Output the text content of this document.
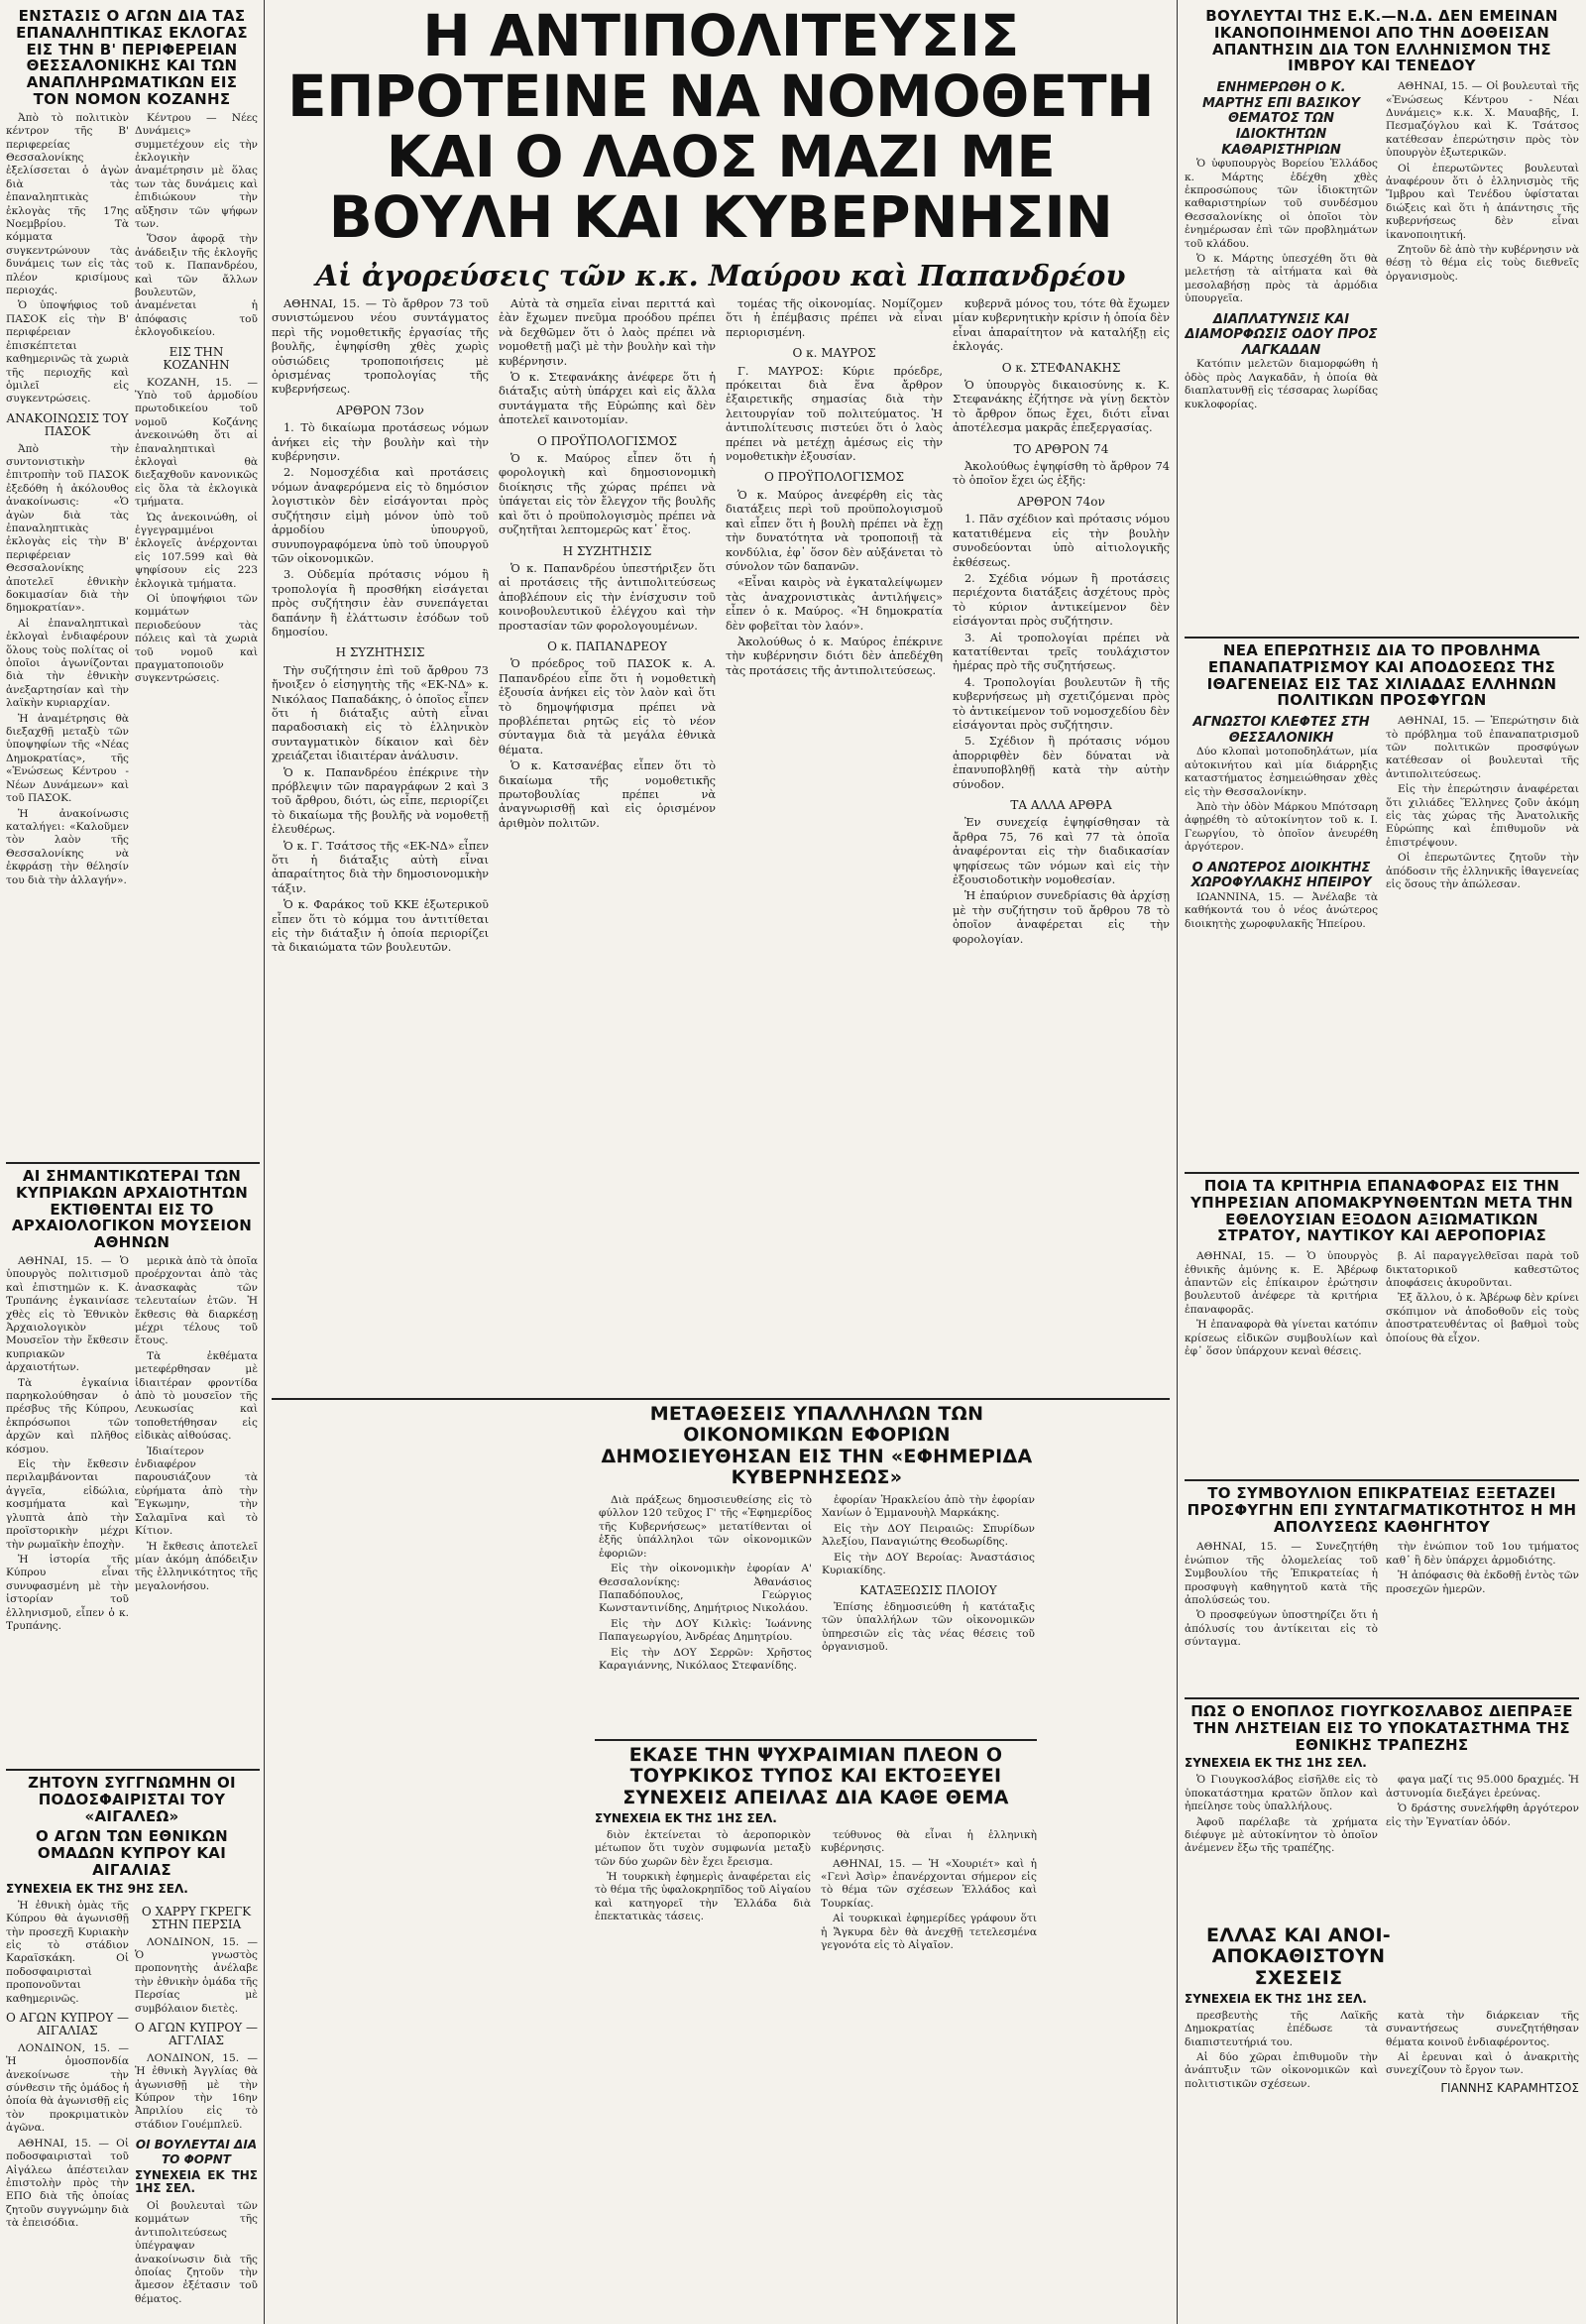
ΕΝΣΤΑΣΙΣ Ο ΑΓΩΝ ΔΙΑ ΤΑΣ ΕΠΑΝΑΛΗΠΤΙΚΑΣ ΕΚΛΟΓΑΣ ΕΙΣ ΤΗΝ Β' ΠΕΡΙΦΕΡΕΙΑΝ ΘΕΣΣΑΛΟΝΙΚΗΣ ΚΑΙ ΤΩΝ ΑΝΑΠΛΗΡΩΜΑΤΙΚΩΝ ΕΙΣ ΤΟΝ ΝΟΜΟΝ ΚΟΖΑΝΗΣ

Ἀπὸ τὸ πολιτικὸν κέντρον τῆς Β' περιφερείας Θεσσαλονίκης ἐξελίσσεται ὁ ἀγὼν διὰ τὰς ἐπαναληπτικὰς ἐκλογὰς τῆς 17ης Νοεμβρίου. Τὰ κόμματα συγκεντρώνουν τὰς δυνάμεις των εἰς τὰς πλέον κρισίμους περιοχάς.

Ὁ ὑποψήφιος τοῦ ΠΑΣΟΚ εἰς τὴν Β' περιφέρειαν ἐπισκέπτεται καθημερινῶς τὰ χωριὰ τῆς περιοχῆς καὶ ὁμιλεῖ εἰς συγκεντρώσεις.

ΑΝΑΚΟΙΝΩΣΙΣ ΤΟΥ ΠΑΣΟΚ

Ἀπὸ τὴν συντονιστικὴν ἐπιτροπὴν τοῦ ΠΑΣΟΚ ἐξεδόθη ἡ ἀκόλουθος ἀνακοίνωσις: «Ὁ ἀγὼν διὰ τὰς ἐπαναληπτικὰς ἐκλογὰς εἰς τὴν Β' περιφέρειαν Θεσσαλονίκης ἀποτελεῖ ἐθνικὴν δοκιμασίαν διὰ τὴν δημοκρατίαν».

Αἱ ἐπαναληπτικαὶ ἐκλογαὶ ἐνδιαφέρουν ὅλους τοὺς πολίτας οἱ ὁποῖοι ἀγωνίζονται διὰ τὴν ἐθνικὴν ἀνεξαρτησίαν καὶ τὴν λαϊκὴν κυριαρχίαν.

Ἡ ἀναμέτρησις θὰ διεξαχθῇ μεταξὺ τῶν ὑποψηφίων τῆς «Νέας Δημοκρατίας», τῆς «Ἑνώσεως Κέντρου - Νέων Δυνάμεων» καὶ τοῦ ΠΑΣΟΚ.

Ἡ ἀνακοίνωσις καταλήγει: «Καλοῦμεν τὸν λαὸν τῆς Θεσσαλονίκης νὰ ἐκφράσῃ τὴν θέλησίν του διὰ τὴν ἀλλαγήν».

Κέντρου — Νέες Δυνάμεις» συμμετέχουν εἰς τὴν ἐκλογικὴν ἀναμέτρησιν μὲ ὅλας των τὰς δυνάμεις καὶ ἐπιδιώκουν τὴν αὔξησιν τῶν ψήφων των.

Ὅσον ἀφορᾷ τὴν ἀνάδειξιν τῆς ἐκλογῆς τοῦ κ. Παπανδρέου, καὶ τῶν ἄλλων βουλευτῶν, ἀναμένεται ἡ ἀπόφασις τοῦ ἐκλογοδικείου.

ΕΙΣ ΤΗΝ ΚΟΖΑΝΗΝ

ΚΟΖΑΝΗ, 15. — Ὑπὸ τοῦ ἀρμοδίου πρωτοδικείου τοῦ νομοῦ Κοζάνης ἀνεκοινώθη ὅτι αἱ ἐπαναληπτικαὶ ἐκλογαὶ θὰ διεξαχθοῦν κανονικῶς εἰς ὅλα τὰ ἐκλογικὰ τμήματα.

Ὡς ἀνεκοινώθη, οἱ ἐγγεγραμμένοι ἐκλογεῖς ἀνέρχονται εἰς 107.599 καὶ θὰ ψηφίσουν εἰς 223 ἐκλογικὰ τμήματα.

Οἱ ὑποψήφιοι τῶν κομμάτων περιοδεύουν τὰς πόλεις καὶ τὰ χωριὰ τοῦ νομοῦ καὶ πραγματοποιοῦν συγκεντρώσεις.

ΑΙ ΣΗΜΑΝΤΙΚΩΤΕΡΑΙ ΤΩΝ ΚΥΠΡΙΑΚΩΝ ΑΡΧΑΙΟΤΗΤΩΝ ΕΚΤΙΘΕΝΤΑΙ ΕΙΣ ΤΟ ΑΡΧΑΙΟΛΟΓΙΚΟΝ ΜΟΥΣΕΙΟΝ ΑΘΗΝΩΝ

ΑΘΗΝΑΙ, 15. — Ὁ ὑπουργὸς πολιτισμοῦ καὶ ἐπιστημῶν κ. Κ. Τρυπάνης ἐγκαινίασε χθὲς εἰς τὸ Ἐθνικὸν Ἀρχαιολογικὸν Μουσεῖον τὴν ἔκθεσιν κυπριακῶν ἀρχαιοτήτων.

Τὰ ἐγκαίνια παρηκολούθησαν ὁ πρέσβυς τῆς Κύπρου, ἐκπρόσωποι τῶν ἀρχῶν καὶ πλῆθος κόσμου.

Εἰς τὴν ἔκθεσιν περιλαμβάνονται ἀγγεῖα, εἰδώλια, κοσμήματα καὶ γλυπτὰ ἀπὸ τὴν προϊστορικὴν μέχρι τὴν ρωμαϊκὴν ἐποχὴν.

Ἡ ἱστορία τῆς Κύπρου εἶναι συνυφασμένη μὲ τὴν ἱστορίαν τοῦ ἑλληνισμοῦ, εἶπεν ὁ κ. Τρυπάνης.

μερικὰ ἀπὸ τὰ ὁποῖα προέρχονται ἀπὸ τὰς ἀνασκαφὰς τῶν τελευταίων ἐτῶν. Ἡ ἔκθεσις θὰ διαρκέσῃ μέχρι τέλους τοῦ ἔτους.

Τὰ ἐκθέματα μετεφέρθησαν μὲ ἰδιαιτέραν φροντίδα ἀπὸ τὸ μουσεῖον τῆς Λευκωσίας καὶ τοποθετήθησαν εἰς εἰδικὰς αἰθούσας.

Ἰδιαίτερον ἐνδιαφέρον παρουσιάζουν τὰ εὑρήματα ἀπὸ τὴν Ἔγκωμην, τὴν Σαλαμῖνα καὶ τὸ Κίτιον.

Ἡ ἔκθεσις ἀποτελεῖ μίαν ἀκόμη ἀπόδειξιν τῆς ἑλληνικότητος τῆς μεγαλονήσου.

ΖΗΤΟΥΝ ΣΥΓΓΝΩΜΗΝ ΟΙ ΠΟΔΟΣΦΑΙΡΙΣΤΑΙ ΤΟΥ «ΑΙΓΑΛΕΩ»
Ο ΑΓΩΝ ΤΩΝ ΕΘΝΙΚΩΝ ΟΜΑΔΩΝ ΚΥΠΡΟΥ ΚΑΙ ΑΙΓΑΛΙΑΣ
ΣΥΝΕΧΕΙΑ ΕΚ ΤΗΣ 9ΗΣ ΣΕΛ.

Ἡ ἐθνικὴ ὁμὰς τῆς Κύπρου θὰ ἀγωνισθῇ τὴν προσεχῆ Κυριακὴν εἰς τὸ στάδιον Καραϊσκάκη. Οἱ ποδοσφαιρισταὶ προπονοῦνται καθημερινῶς.

Ο ΑΓΩΝ ΚΥΠΡΟΥ — ΑΙΓΑΛΙΑΣ

ΛΟΝΔΙΝΟΝ, 15. — Ἡ ὁμοσπονδία ἀνεκοίνωσε τὴν σύνθεσιν τῆς ὁμάδος ἡ ὁποία θὰ ἀγωνισθῇ εἰς τὸν προκριματικὸν ἀγῶνα.

ΑΘΗΝΑΙ, 15. — Οἱ ποδοσφαιρισταὶ τοῦ Αἰγάλεω ἀπέστειλαν ἐπιστολὴν πρὸς τὴν ΕΠΟ διὰ τῆς ὁποίας ζητοῦν συγγνώμην διὰ τὰ ἐπεισόδια.

Ο ΧΑΡΡΥ ΓΚΡΕΓΚ ΣΤΗΝ ΠΕΡΣΙΑ

ΛΟΝΔΙΝΟΝ, 15. — Ὁ γνωστὸς προπονητὴς ἀνέλαβε τὴν ἐθνικὴν ὁμάδα τῆς Περσίας μὲ συμβόλαιον διετὲς.

Ο ΑΓΩΝ ΚΥΠΡΟΥ — ΑΓΓΛΙΑΣ

ΛΟΝΔΙΝΟΝ, 15. — Ἡ ἐθνικὴ Ἀγγλίας θὰ ἀγωνισθῇ μὲ τὴν Κύπρον τὴν 16ην Ἀπριλίου εἰς τὸ στάδιον Γουέμπλεϋ.

ΟΙ ΒΟΥΛΕΥΤΑΙ ΔΙΑ ΤΟ ΦΟΡΝΤ
ΣΥΝΕΧΕΙΑ ΕΚ ΤΗΣ 1ΗΣ ΣΕΛ.

Οἱ βουλευταὶ τῶν κομμάτων τῆς ἀντιπολιτεύσεως ὑπέγραψαν ἀνακοίνωσιν διὰ τῆς ὁποίας ζητοῦν τὴν ἄμεσον ἐξέτασιν τοῦ θέματος.

Η ΑΝΤΙΠΟΛΙΤΕΥΣΙΣ ΕΠΡΟΤΕΙΝΕ ΝΑ ΝΟΜΟΘΕΤΗ ΚΑΙ Ο ΛΑΟΣ ΜΑΖΙ ΜΕ ΒΟΥΛΗ ΚΑΙ ΚΥΒΕΡΝΗΣΙΝ
Αἱ ἀγορεύσεις τῶν κ.κ. Μαύρου καὶ Παπανδρέου

ΑΘΗΝΑΙ, 15. — Τὸ ἄρθρον 73 τοῦ συνιστώμενου νέου συντάγματος περὶ τῆς νομοθετικῆς ἐργασίας τῆς βουλῆς, ἐψηφίσθη χθὲς χωρὶς οὐσιώδεις τροποποιήσεις μὲ ὁρισμένας τροπολογίας τῆς κυβερνήσεως.

ΑΡΘΡΟΝ 73ον

1. Τὸ δικαίωμα προτάσεως νόμων ἀνήκει εἰς τὴν βουλὴν καὶ τὴν κυβέρνησιν.

2. Νομοσχέδια καὶ προτάσεις νόμων ἀναφερόμενα εἰς τὸ δημόσιον λογιστικὸν δὲν εἰσάγονται πρὸς συζήτησιν εἰμὴ μόνον ὑπὸ τοῦ ἁρμοδίου ὑπουργοῦ, συνυπογραφόμενα ὑπὸ τοῦ ὑπουργοῦ τῶν οἰκονομικῶν.

3. Οὐδεμία πρότασις νόμου ἢ τροπολογία ἢ προσθήκη εἰσάγεται πρὸς συζήτησιν ἐὰν συνεπάγεται δαπάνην ἢ ἐλάττωσιν ἐσόδων τοῦ δημοσίου.

Η ΣΥΖΗΤΗΣΙΣ

Τὴν συζήτησιν ἐπὶ τοῦ ἄρθρου 73 ἤνοιξεν ὁ εἰσηγητὴς τῆς «ΕΚ-ΝΔ» κ. Νικόλαος Παπαδάκης, ὁ ὁποῖος εἶπεν ὅτι ἡ διάταξις αὐτὴ εἶναι παραδοσιακὴ εἰς τὸ ἑλληνικὸν συνταγματικὸν δίκαιον καὶ δὲν χρειάζεται ἰδιαιτέραν ἀνάλυσιν.

Ὁ κ. Παπανδρέου ἐπέκρινε τὴν πρόβλεψιν τῶν παραγράφων 2 καὶ 3 τοῦ ἄρθρου, διότι, ὡς εἶπε, περιορίζει τὸ δικαίωμα τῆς βουλῆς νὰ νομοθετῇ ἐλευθέρως.

Ὁ κ. Γ. Τσάτσος τῆς «ΕΚ-ΝΔ» εἶπεν ὅτι ἡ διάταξις αὐτὴ εἶναι ἀπαραίτητος διὰ τὴν δημοσιονομικὴν τάξιν.

Ὁ κ. Φαράκος τοῦ ΚΚΕ ἐξωτερικοῦ εἶπεν ὅτι τὸ κόμμα του ἀντιτίθεται εἰς τὴν διάταξιν ἡ ὁποία περιορίζει τὰ δικαιώματα τῶν βουλευτῶν.

Αὐτὰ τὰ σημεῖα εἶναι περιττά καὶ ἐὰν ἔχωμεν πνεῦμα προόδου πρέπει νὰ δεχθῶμεν ὅτι ὁ λαὸς πρέπει νὰ νομοθετῇ μαζὶ μὲ τὴν βουλὴν καὶ τὴν κυβέρνησιν.

Ὁ κ. Στεφανάκης ἀνέφερε ὅτι ἡ διάταξις αὐτὴ ὑπάρχει καὶ εἰς ἄλλα συντάγματα τῆς Εὐρώπης καὶ δὲν ἀποτελεῖ καινοτομίαν.

Ο ΠΡΟΫΠΟΛΟΓΙΣΜΟΣ

Ὁ κ. Μαύρος εἶπεν ὅτι ἡ φορολογικὴ καὶ δημοσιονομικὴ διοίκησις τῆς χώρας πρέπει νὰ ὑπάγεται εἰς τὸν ἔλεγχον τῆς βουλῆς καὶ ὅτι ὁ προϋπολογισμὸς πρέπει νὰ συζητῆται λεπτομερῶς κατ᾽ ἔτος.

Η ΣΥΖΗΤΗΣΙΣ

Ὁ κ. Παπανδρέου ὑπεστήριξεν ὅτι αἱ προτάσεις τῆς ἀντιπολιτεύσεως ἀποβλέπουν εἰς τὴν ἐνίσχυσιν τοῦ κοινοβουλευτικοῦ ἐλέγχου καὶ τὴν προστασίαν τῶν φορολογουμένων.

Ο κ. ΠΑΠΑΝΔΡΕΟΥ

Ὁ πρόεδρος τοῦ ΠΑΣΟΚ κ. Α. Παπανδρέου εἶπε ὅτι ἡ νομοθετικὴ ἐξουσία ἀνήκει εἰς τὸν λαὸν καὶ ὅτι τὸ δημοψήφισμα πρέπει νὰ προβλέπεται ρητῶς εἰς τὸ νέον σύνταγμα διὰ τὰ μεγάλα ἐθνικὰ θέματα.

Ὁ κ. Κατσανέβας εἶπεν ὅτι τὸ δικαίωμα τῆς νομοθετικῆς πρωτοβουλίας πρέπει νὰ ἀναγνωρισθῇ καὶ εἰς ὁρισμένον ἀριθμὸν πολιτῶν.

τομέας τῆς οἰκονομίας. Νομίζομεν ὅτι ἡ ἐπέμβασις πρέπει νὰ εἶναι περιορισμένη.

Ο κ. ΜΑΥΡΟΣ

Γ. ΜΑΥΡΟΣ: Κύριε πρόεδρε, πρόκειται διὰ ἕνα ἄρθρον ἐξαιρετικῆς σημασίας διὰ τὴν λειτουργίαν τοῦ πολιτεύματος. Ἡ ἀντιπολίτευσις πιστεύει ὅτι ὁ λαὸς πρέπει νὰ μετέχῃ ἀμέσως εἰς τὴν νομοθετικὴν ἐξουσίαν.

Ο ΠΡΟΫΠΟΛΟΓΙΣΜΟΣ

Ὁ κ. Μαύρος ἀνεφέρθη εἰς τὰς διατάξεις περὶ τοῦ προϋπολογισμοῦ καὶ εἶπεν ὅτι ἡ βουλὴ πρέπει νὰ ἔχῃ τὴν δυνατότητα νὰ τροποποιῇ τὰ κονδύλια, ἐφ᾽ ὅσον δὲν αὐξάνεται τὸ σύνολον τῶν δαπανῶν.

«Εἶναι καιρὸς νὰ ἐγκαταλείψωμεν τὰς ἀναχρονιστικὰς ἀντιλήψεις» εἶπεν ὁ κ. Μαύρος. «Ἡ δημοκρατία δὲν φοβεῖται τὸν λαόν».

Ἀκολούθως ὁ κ. Μαύρος ἐπέκρινε τὴν κυβέρνησιν διότι δὲν ἀπεδέχθη τὰς προτάσεις τῆς ἀντιπολιτεύσεως.

κυβερνᾶ μόνος του, τότε θὰ ἔχωμεν μίαν κυβερνητικὴν κρίσιν ἡ ὁποία δὲν εἶναι ἀπαραίτητον νὰ καταλήξῃ εἰς ἐκλογάς.

Ο κ. ΣΤΕΦΑΝΑΚΗΣ

Ὁ ὑπουργὸς δικαιοσύνης κ. Κ. Στεφανάκης ἐζήτησε νὰ γίνῃ δεκτὸν τὸ ἄρθρον ὅπως ἔχει, διότι εἶναι ἀποτέλεσμα μακρᾶς ἐπεξεργασίας.

ΤΟ ΑΡΘΡΟΝ 74

Ἀκολούθως ἐψηφίσθη τὸ ἄρθρον 74 τὸ ὁποῖον ἔχει ὡς ἑξῆς:

ΑΡΘΡΟΝ 74ον

1. Πᾶν σχέδιον καὶ πρότασις νόμου κατατιθέμενα εἰς τὴν βουλὴν συνοδεύονται ὑπὸ αἰτιολογικῆς ἐκθέσεως.

2. Σχέδια νόμων ἢ προτάσεις περιέχοντα διατάξεις ἀσχέτους πρὸς τὸ κύριον ἀντικείμενον δὲν εἰσάγονται πρὸς συζήτησιν.

3. Αἱ τροπολογίαι πρέπει νὰ κατατίθενται τρεῖς τουλάχιστον ἡμέρας πρὸ τῆς συζητήσεως.

4. Τροπολογίαι βουλευτῶν ἢ τῆς κυβερνήσεως μὴ σχετιζόμεναι πρὸς τὸ ἀντικείμενον τοῦ νομοσχεδίου δὲν εἰσάγονται πρὸς συζήτησιν.

5. Σχέδιον ἢ πρότασις νόμου ἀπορριφθὲν δὲν δύναται νὰ ἐπανυποβληθῇ κατὰ τὴν αὐτὴν σύνοδον.

ΤΑ ΑΛΛΑ ΑΡΘΡΑ

Ἐν συνεχείᾳ ἐψηφίσθησαν τὰ ἄρθρα 75, 76 καὶ 77 τὰ ὁποῖα ἀναφέρονται εἰς τὴν διαδικασίαν ψηφίσεως τῶν νόμων καὶ εἰς τὴν ἐξουσιοδοτικὴν νομοθεσίαν.

Ἡ ἐπαύριον συνεδρίασις θὰ ἀρχίσῃ μὲ τὴν συζήτησιν τοῦ ἄρθρου 78 τὸ ὁποῖον ἀναφέρεται εἰς τὴν φορολογίαν.

ΜΕΤΑΘΕΣΕΙΣ ΥΠΑΛΛΗΛΩΝ ΤΩΝ ΟΙΚΟΝΟΜΙΚΩΝ ΕΦΟΡΙΩΝ ΔΗΜΟΣΙΕΥΘΗΣΑΝ ΕΙΣ ΤΗΝ «ΕΦΗΜΕΡΙΔΑ ΚΥΒΕΡΝΗΣΕΩΣ»

Διὰ πράξεως δημοσιευθείσης εἰς τὸ φύλλον 120 τεῦχος Γ' τῆς «Ἐφημερίδος τῆς Κυβερνήσεως» μετατίθενται οἱ ἑξῆς ὑπάλληλοι τῶν οἰκονομικῶν ἐφοριῶν:

Εἰς τὴν οἰκονομικὴν ἐφορίαν Α' Θεσσαλονίκης: Ἀθανάσιος Παπαδόπουλος, Γεώργιος Κωνσταντινίδης, Δημήτριος Νικολάου.

Εἰς τὴν ΔΟΥ Κιλκὶς: Ἰωάννης Παπαγεωργίου, Ἀνδρέας Δημητρίου.

Εἰς τὴν ΔΟΥ Σερρῶν: Χρῆστος Καραγιάννης, Νικόλαος Στεφανίδης.

ἐφορίαν Ἡρακλείου ἀπὸ τὴν ἐφορίαν Χανίων ὁ Ἐμμανουὴλ Μαρκάκης.

Εἰς τὴν ΔΟΥ Πειραιῶς: Σπυρίδων Ἀλεξίου, Παναγιώτης Θεοδωρίδης.

Εἰς τὴν ΔΟΥ Βεροίας: Ἀναστάσιος Κυριακίδης.

ΚΑΤΑΞΕΩΣΙΣ ΠΛΟΙΟΥ

Ἐπίσης ἐδημοσιεύθη ἡ κατάταξις τῶν ὑπαλλήλων τῶν οἰκονομικῶν ὑπηρεσιῶν εἰς τὰς νέας θέσεις τοῦ ὀργανισμοῦ.

ΕΚΑΣΕ ΤΗΝ ΨΥΧΡΑΙΜΙΑΝ ΠΛΕΟΝ Ο ΤΟΥΡΚΙΚΟΣ ΤΥΠΟΣ ΚΑΙ ΕΚΤΟΞΕΥΕΙ ΣΥΝΕΧΕΙΣ ΑΠΕΙΛΑΣ ΔΙΑ ΚΑΘΕ ΘΕΜΑ
ΣΥΝΕΧΕΙΑ ΕΚ ΤΗΣ 1ΗΣ ΣΕΛ.

διὸν ἐκτείνεται τὸ ἀεροπορικὸν μέτωπον ὅτι τυχὸν συμφωνία μεταξὺ τῶν δύο χωρῶν δὲν ἔχει ἔρεισμα.

Ἡ τουρκικὴ ἐφημερὶς ἀναφέρεται εἰς τὸ θέμα τῆς ὑφαλοκρηπῖδος τοῦ Αἰγαίου καὶ κατηγορεῖ τὴν Ἑλλάδα διὰ ἐπεκτατικὰς τάσεις.

τεύθυνος θὰ εἶναι ἡ ἑλληνικὴ κυβέρνησις.

ΑΘΗΝΑΙ, 15. — Ἡ «Χουριέτ» καὶ ἡ «Γενὶ Ἀσὶρ» ἐπανέρχονται σήμερον εἰς τὸ θέμα τῶν σχέσεων Ἑλλάδος καὶ Τουρκίας.

Αἱ τουρκικαὶ ἐφημερίδες γράφουν ὅτι ἡ Ἄγκυρα δὲν θὰ ἀνεχθῇ τετελεσμένα γεγονότα εἰς τὸ Αἰγαῖον.

ΒΟΥΛΕΥΤΑΙ ΤΗΣ Ε.Κ.—Ν.Δ. ΔΕΝ ΕΜΕΙΝΑΝ ΙΚΑΝΟΠΟΙΗΜΕΝΟΙ ΑΠΟ ΤΗΝ ΔΟΘΕΙΣΑΝ ΑΠΑΝΤΗΣΙΝ ΔΙΑ ΤΟΝ ΕΛΛΗΝΙΣΜΟΝ ΤΗΣ ΙΜΒΡΟΥ ΚΑΙ ΤΕΝΕΔΟΥ
ΕΝΗΜΕΡΩΘΗ Ο Κ. ΜΑΡΤΗΣ ΕΠΙ ΒΑΣΙΚΟΥ ΘΕΜΑΤΟΣ ΤΩΝ ΙΔΙΟΚΤΗΤΩΝ ΚΑΘΑΡΙΣΤΗΡΙΩΝ

Ὁ ὑφυπουργὸς Βορείου Ἑλλάδος κ. Μάρτης ἐδέχθη χθὲς ἐκπροσώπους τῶν ἰδιοκτητῶν καθαριστηρίων τοῦ συνδέσμου Θεσσαλονίκης οἱ ὁποῖοι τὸν ἐνημέρωσαν ἐπὶ τῶν προβλημάτων τοῦ κλάδου.

Ὁ κ. Μάρτης ὑπεσχέθη ὅτι θὰ μελετήσῃ τὰ αἰτήματα καὶ θὰ μεσολαβήσῃ πρὸς τὰ ἁρμόδια ὑπουργεῖα.

ΔΙΑΠΛΑΤΥΝΣΙΣ ΚΑΙ ΔΙΑΜΟΡΦΩΣΙΣ ΟΔΟΥ ΠΡΟΣ ΛΑΓΚΑΔΑΝ

Κατόπιν μελετῶν διαμορφώθη ἡ ὁδὸς πρὸς Λαγκαδᾶν, ἡ ὁποία θὰ διαπλατυνθῇ εἰς τέσσαρας λωρίδας κυκλοφορίας.

ΑΘΗΝΑΙ, 15. — Οἱ βουλευταὶ τῆς «Ἑνώσεως Κέντρου - Νέαι Δυνάμεις» κ.κ. Χ. Μαυαβῆς, Ι. Πεσμαζόγλου καὶ Κ. Τσάτσος κατέθεσαν ἐπερώτησιν πρὸς τὸν ὑπουργὸν ἐξωτερικῶν.

Οἱ ἐπερωτῶντες βουλευταὶ ἀναφέρουν ὅτι ὁ ἑλληνισμὸς τῆς Ἴμβρου καὶ Τενέδου ὑφίσταται διώξεις καὶ ὅτι ἡ ἀπάντησις τῆς κυβερνήσεως δὲν εἶναι ἱκανοποιητική.

Ζητοῦν δὲ ἀπὸ τὴν κυβέρνησιν νὰ θέσῃ τὸ θέμα εἰς τοὺς διεθνεῖς ὀργανισμοὺς.

ΝΕΑ ΕΠΕΡΩΤΗΣΙΣ ΔΙΑ ΤΟ ΠΡΟΒΛΗΜΑ ΕΠΑΝΑΠΑΤΡΙΣΜΟΥ ΚΑΙ ΑΠΟΔΟΣΕΩΣ ΤΗΣ ΙΘΑΓΕΝΕΙΑΣ ΕΙΣ ΤΑΣ ΧΙΛΙΑΔΑΣ ΕΛΛΗΝΩΝ ΠΟΛΙΤΙΚΩΝ ΠΡΟΣΦΥΓΩΝ
ΑΓΝΩΣΤΟΙ ΚΛΕΦΤΕΣ ΣΤΗ ΘΕΣΣΑΛΟΝΙΚΗ

Δύο κλοπαὶ μοτοποδηλάτων, μία αὐτοκινήτου καὶ μία διάρρηξις καταστήματος ἐσημειώθησαν χθὲς εἰς τὴν Θεσσαλονίκην.

Ἀπὸ τὴν ὁδὸν Μάρκου Μπότσαρη ἀφῃρέθη τὸ αὐτοκίνητον τοῦ κ. Ι. Γεωργίου, τὸ ὁποῖον ἀνευρέθη ἀργότερον.

Ο ΑΝΩΤΕΡΟΣ ΔΙΟΙΚΗΤΗΣ ΧΩΡΟΦΥΛΑΚΗΣ ΗΠΕΙΡΟΥ

ΙΩΑΝΝΙΝΑ, 15. — Ἀνέλαβε τὰ καθήκοντά του ὁ νέος ἀνώτερος διοικητὴς χωροφυλακῆς Ἠπείρου.

ΑΘΗΝΑΙ, 15. — Ἐπερώτησιν διὰ τὸ πρόβλημα τοῦ ἐπαναπατρισμοῦ τῶν πολιτικῶν προσφύγων κατέθεσαν οἱ βουλευταὶ τῆς ἀντιπολιτεύσεως.

Εἰς τὴν ἐπερώτησιν ἀναφέρεται ὅτι χιλιάδες Ἕλληνες ζοῦν ἀκόμη εἰς τὰς χώρας τῆς Ἀνατολικῆς Εὐρώπης καὶ ἐπιθυμοῦν νὰ ἐπιστρέψουν.

Οἱ ἐπερωτῶντες ζητοῦν τὴν ἀπόδοσιν τῆς ἑλληνικῆς ἰθαγενείας εἰς ὅσους τὴν ἀπώλεσαν.

ΠΟΙΑ ΤΑ ΚΡΙΤΗΡΙΑ ΕΠΑΝΑΦΟΡΑΣ ΕΙΣ ΤΗΝ ΥΠΗΡΕΣΙΑΝ ΑΠΟΜΑΚΡΥΝΘΕΝΤΩΝ ΜΕΤΑ ΤΗΝ ΕΘΕΛΟΥΣΙΑΝ ΕΞΟΔΟΝ ΑΞΙΩΜΑΤΙΚΩΝ ΣΤΡΑΤΟΥ, ΝΑΥΤΙΚΟΥ ΚΑΙ ΑΕΡΟΠΟΡΙΑΣ

ΑΘΗΝΑΙ, 15. — Ὁ ὑπουργὸς ἐθνικῆς ἀμύνης κ. Ε. Ἀβέρωφ ἀπαντῶν εἰς ἐπίκαιρον ἐρώτησιν βουλευτοῦ ἀνέφερε τὰ κριτήρια ἐπαναφορᾶς.

Ἡ ἐπαναφορὰ θὰ γίνεται κατόπιν κρίσεως εἰδικῶν συμβουλίων καὶ ἐφ᾽ ὅσον ὑπάρχουν κεναὶ θέσεις.

β. Αἱ παραγγελθεῖσαι παρὰ τοῦ δικτατορικοῦ καθεστῶτος ἀποφάσεις ἀκυροῦνται.

Ἐξ ἄλλου, ὁ κ. Ἀβέρωφ δὲν κρίνει σκόπιμον νὰ ἀποδοθοῦν εἰς τοὺς ἀποστρατευθέντας οἱ βαθμοὶ τοὺς ὁποίους θὰ εἶχον.

ΤΟ ΣΥΜΒΟΥΛΙΟΝ ΕΠΙΚΡΑΤΕΙΑΣ ΕΞΕΤΑΖΕΙ ΠΡΟΣΦΥΓΗΝ ΕΠΙ ΣΥΝΤΑΓΜΑΤΙΚΟΤΗΤΟΣ Η ΜΗ ΑΠΟΛΥΣΕΩΣ ΚΑΘΗΓΗΤΟΥ

ΑΘΗΝΑΙ, 15. — Συνεζητήθη ἐνώπιον τῆς ὁλομελείας τοῦ Συμβουλίου τῆς Ἐπικρατείας ἡ προσφυγὴ καθηγητοῦ κατὰ τῆς ἀπολύσεώς του.

Ὁ προσφεύγων ὑποστηρίζει ὅτι ἡ ἀπόλυσίς του ἀντίκειται εἰς τὸ σύνταγμα.

τὴν ἐνώπιον τοῦ 1ου τμήματος καθ᾽ ἢ δὲν ὑπάρχει ἀρμοδιότης.

Ἡ ἀπόφασις θὰ ἐκδοθῇ ἐντὸς τῶν προσεχῶν ἡμερῶν.

ΠΩΣ Ο ΕΝΟΠΛΟΣ ΓΙΟΥΓΚΟΣΛΑΒΟΣ ΔΙΕΠΡΑΞΕ ΤΗΝ ΛΗΣΤΕΙΑΝ ΕΙΣ ΤΟ ΥΠΟΚΑΤΑΣΤΗΜΑ ΤΗΣ ΕΘΝΙΚΗΣ ΤΡΑΠΕΖΗΣ
ΣΥΝΕΧΕΙΑ ΕΚ ΤΗΣ 1ΗΣ ΣΕΛ.

Ὁ Γιουγκοσλάβος εἰσῆλθε εἰς τὸ ὑποκατάστημα κρατῶν ὅπλον καὶ ἠπείλησε τοὺς ὑπαλλήλους.

Ἀφοῦ παρέλαβε τὰ χρήματα διέφυγε μὲ αὐτοκίνητον τὸ ὁποῖον ἀνέμενεν ἔξω τῆς τραπέζης.

φαγα μαζί τις 95.000 δραχμές. Ἡ ἀστυνομία διεξάγει ἐρεύνας.

Ὁ δράστης συνελήφθη ἀργότερον εἰς τὴν Ἐγνατίαν ὁδόν.

ΕΛΛΑΣ ΚΑΙ ΑΝΟΙ-ΑΠΟΚΑΘΙΣΤΟΥΝ ΣΧΕΣΕΙΣ
ΣΥΝΕΧΕΙΑ ΕΚ ΤΗΣ 1ΗΣ ΣΕΛ.

πρεσβευτὴς τῆς Λαϊκῆς Δημοκρατίας ἐπέδωσε τὰ διαπιστευτήριά του.

Αἱ δύο χῶραι ἐπιθυμοῦν τὴν ἀνάπτυξιν τῶν οἰκονομικῶν καὶ πολιτιστικῶν σχέσεων.

κατὰ τὴν διάρκειαν τῆς συναντήσεως συνεζητήθησαν θέματα κοινοῦ ἐνδιαφέροντος.

Αἱ ἐρευναι καὶ ὁ ἀνακριτὴς συνεχίζουν τὸ ἔργον των.

ΓΙΑΝΝΗΣ ΚΑΡΑΜΗΤΣΟΣ
